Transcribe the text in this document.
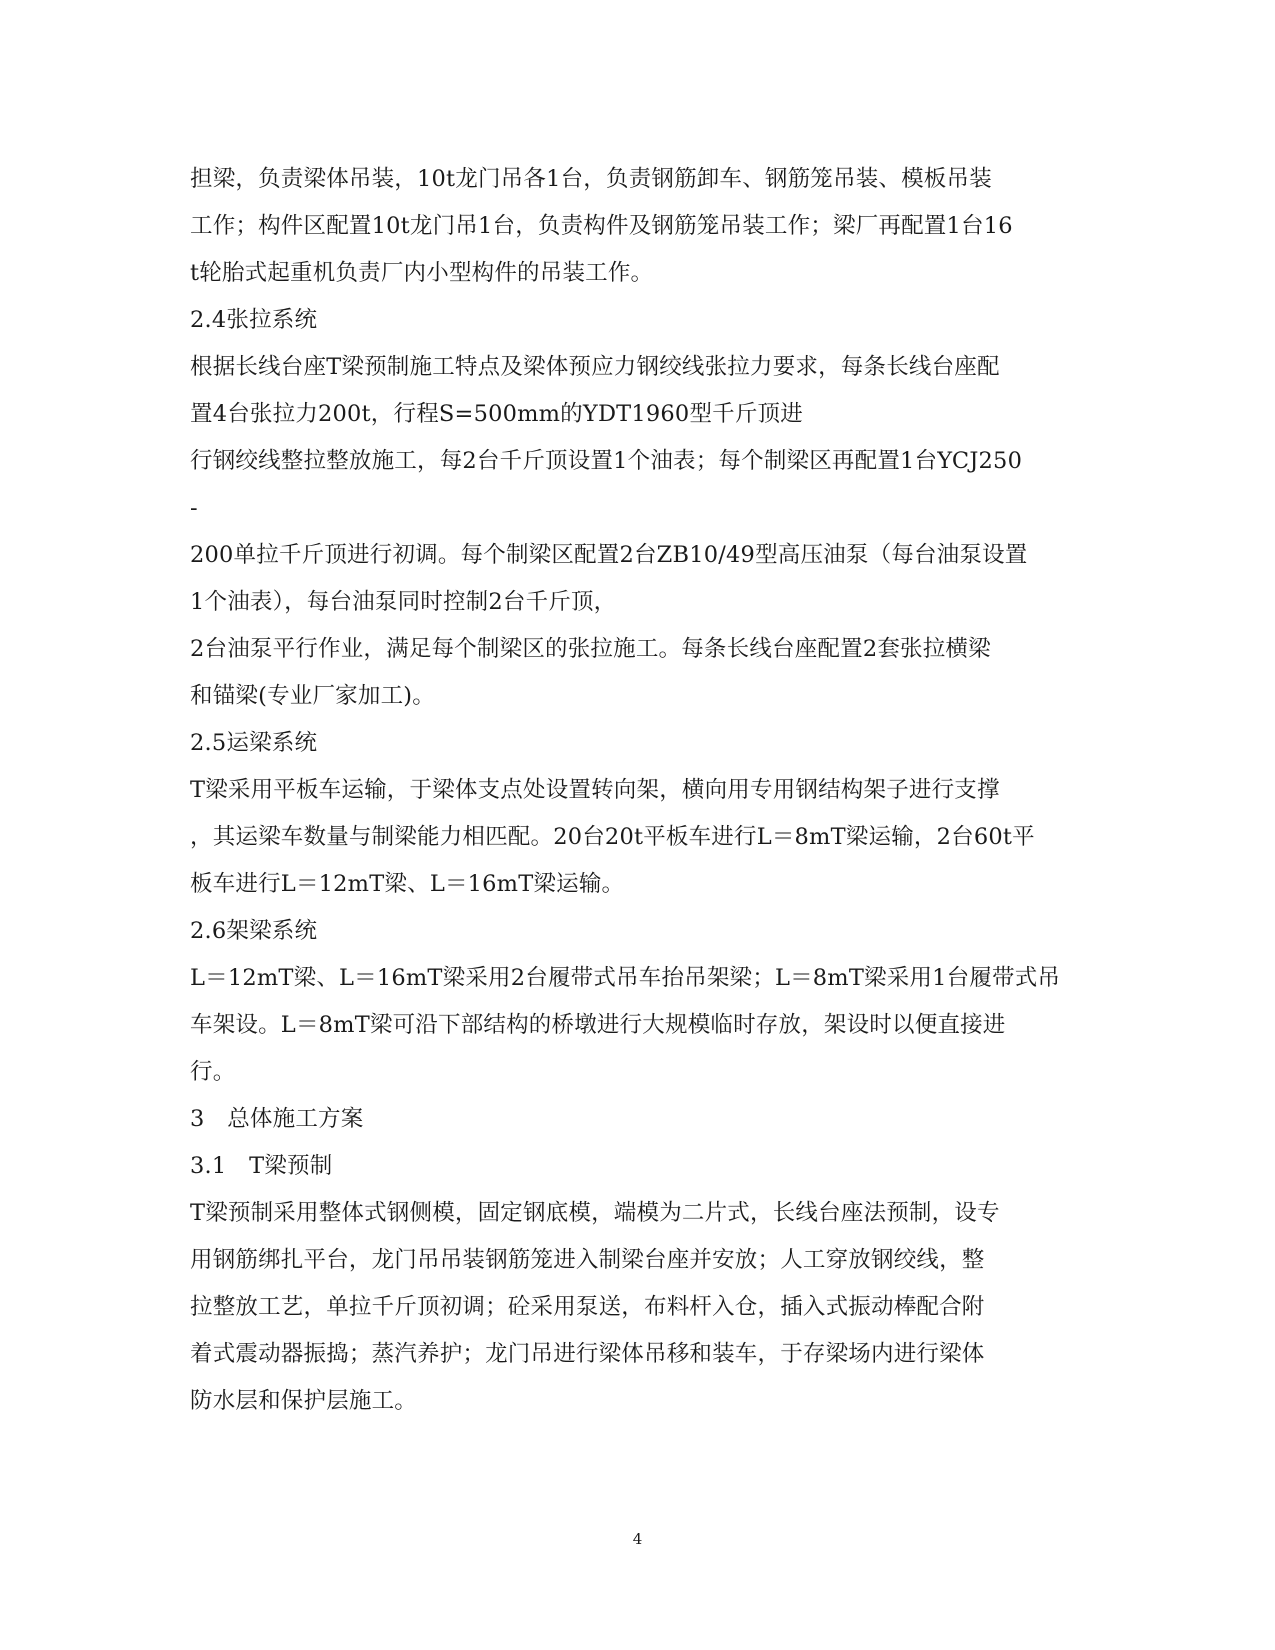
担梁，负责梁体吊装，10t龙门吊各1台，负责钢筋卸车、钢筋笼吊装、模板吊装
工作；构件区配置10t龙门吊1台，负责构件及钢筋笼吊装工作；梁厂再配置1台16
t轮胎式起重机负责厂内小型构件的吊装工作。
2.4张拉系统
根据长线台座T梁预制施工特点及梁体预应力钢绞线张拉力要求，每条长线台座配
置4台张拉力200t，行程S=500mm的YDT1960型千斤顶进
行钢绞线整拉整放施工，每2台千斤顶设置1个油表；每个制梁区再配置1台YCJ250
-
200单拉千斤顶进行初调。每个制梁区配置2台ZB10/49型高压油泵（每台油泵设置
1个油表），每台油泵同时控制2台千斤顶，
2台油泵平行作业，满足每个制梁区的张拉施工。每条长线台座配置2套张拉横梁
和锚梁(专业厂家加工)。
2.5运梁系统
T梁采用平板车运输，于梁体支点处设置转向架，横向用专用钢结构架子进行支撑
，其运梁车数量与制梁能力相匹配。20台20t平板车进行L＝8mT梁运输，2台60t平
板车进行L＝12mT梁、L＝16mT梁运输。
2.6架梁系统
L＝12mT梁、L＝16mT梁采用2台履带式吊车抬吊架梁；L＝8mT梁采用1台履带式吊
车架设。L＝8mT梁可沿下部结构的桥墩进行大规模临时存放，架设时以便直接进
行。
3　总体施工方案
3.1　T梁预制
T梁预制采用整体式钢侧模，固定钢底模，端模为二片式，长线台座法预制，设专
用钢筋绑扎平台，龙门吊吊装钢筋笼进入制梁台座并安放；人工穿放钢绞线，整
拉整放工艺，单拉千斤顶初调；砼采用泵送，布料杆入仓，插入式振动棒配合附
着式震动器振捣；蒸汽养护；龙门吊进行梁体吊移和装车，于存梁场内进行梁体
防水层和保护层施工。
4
